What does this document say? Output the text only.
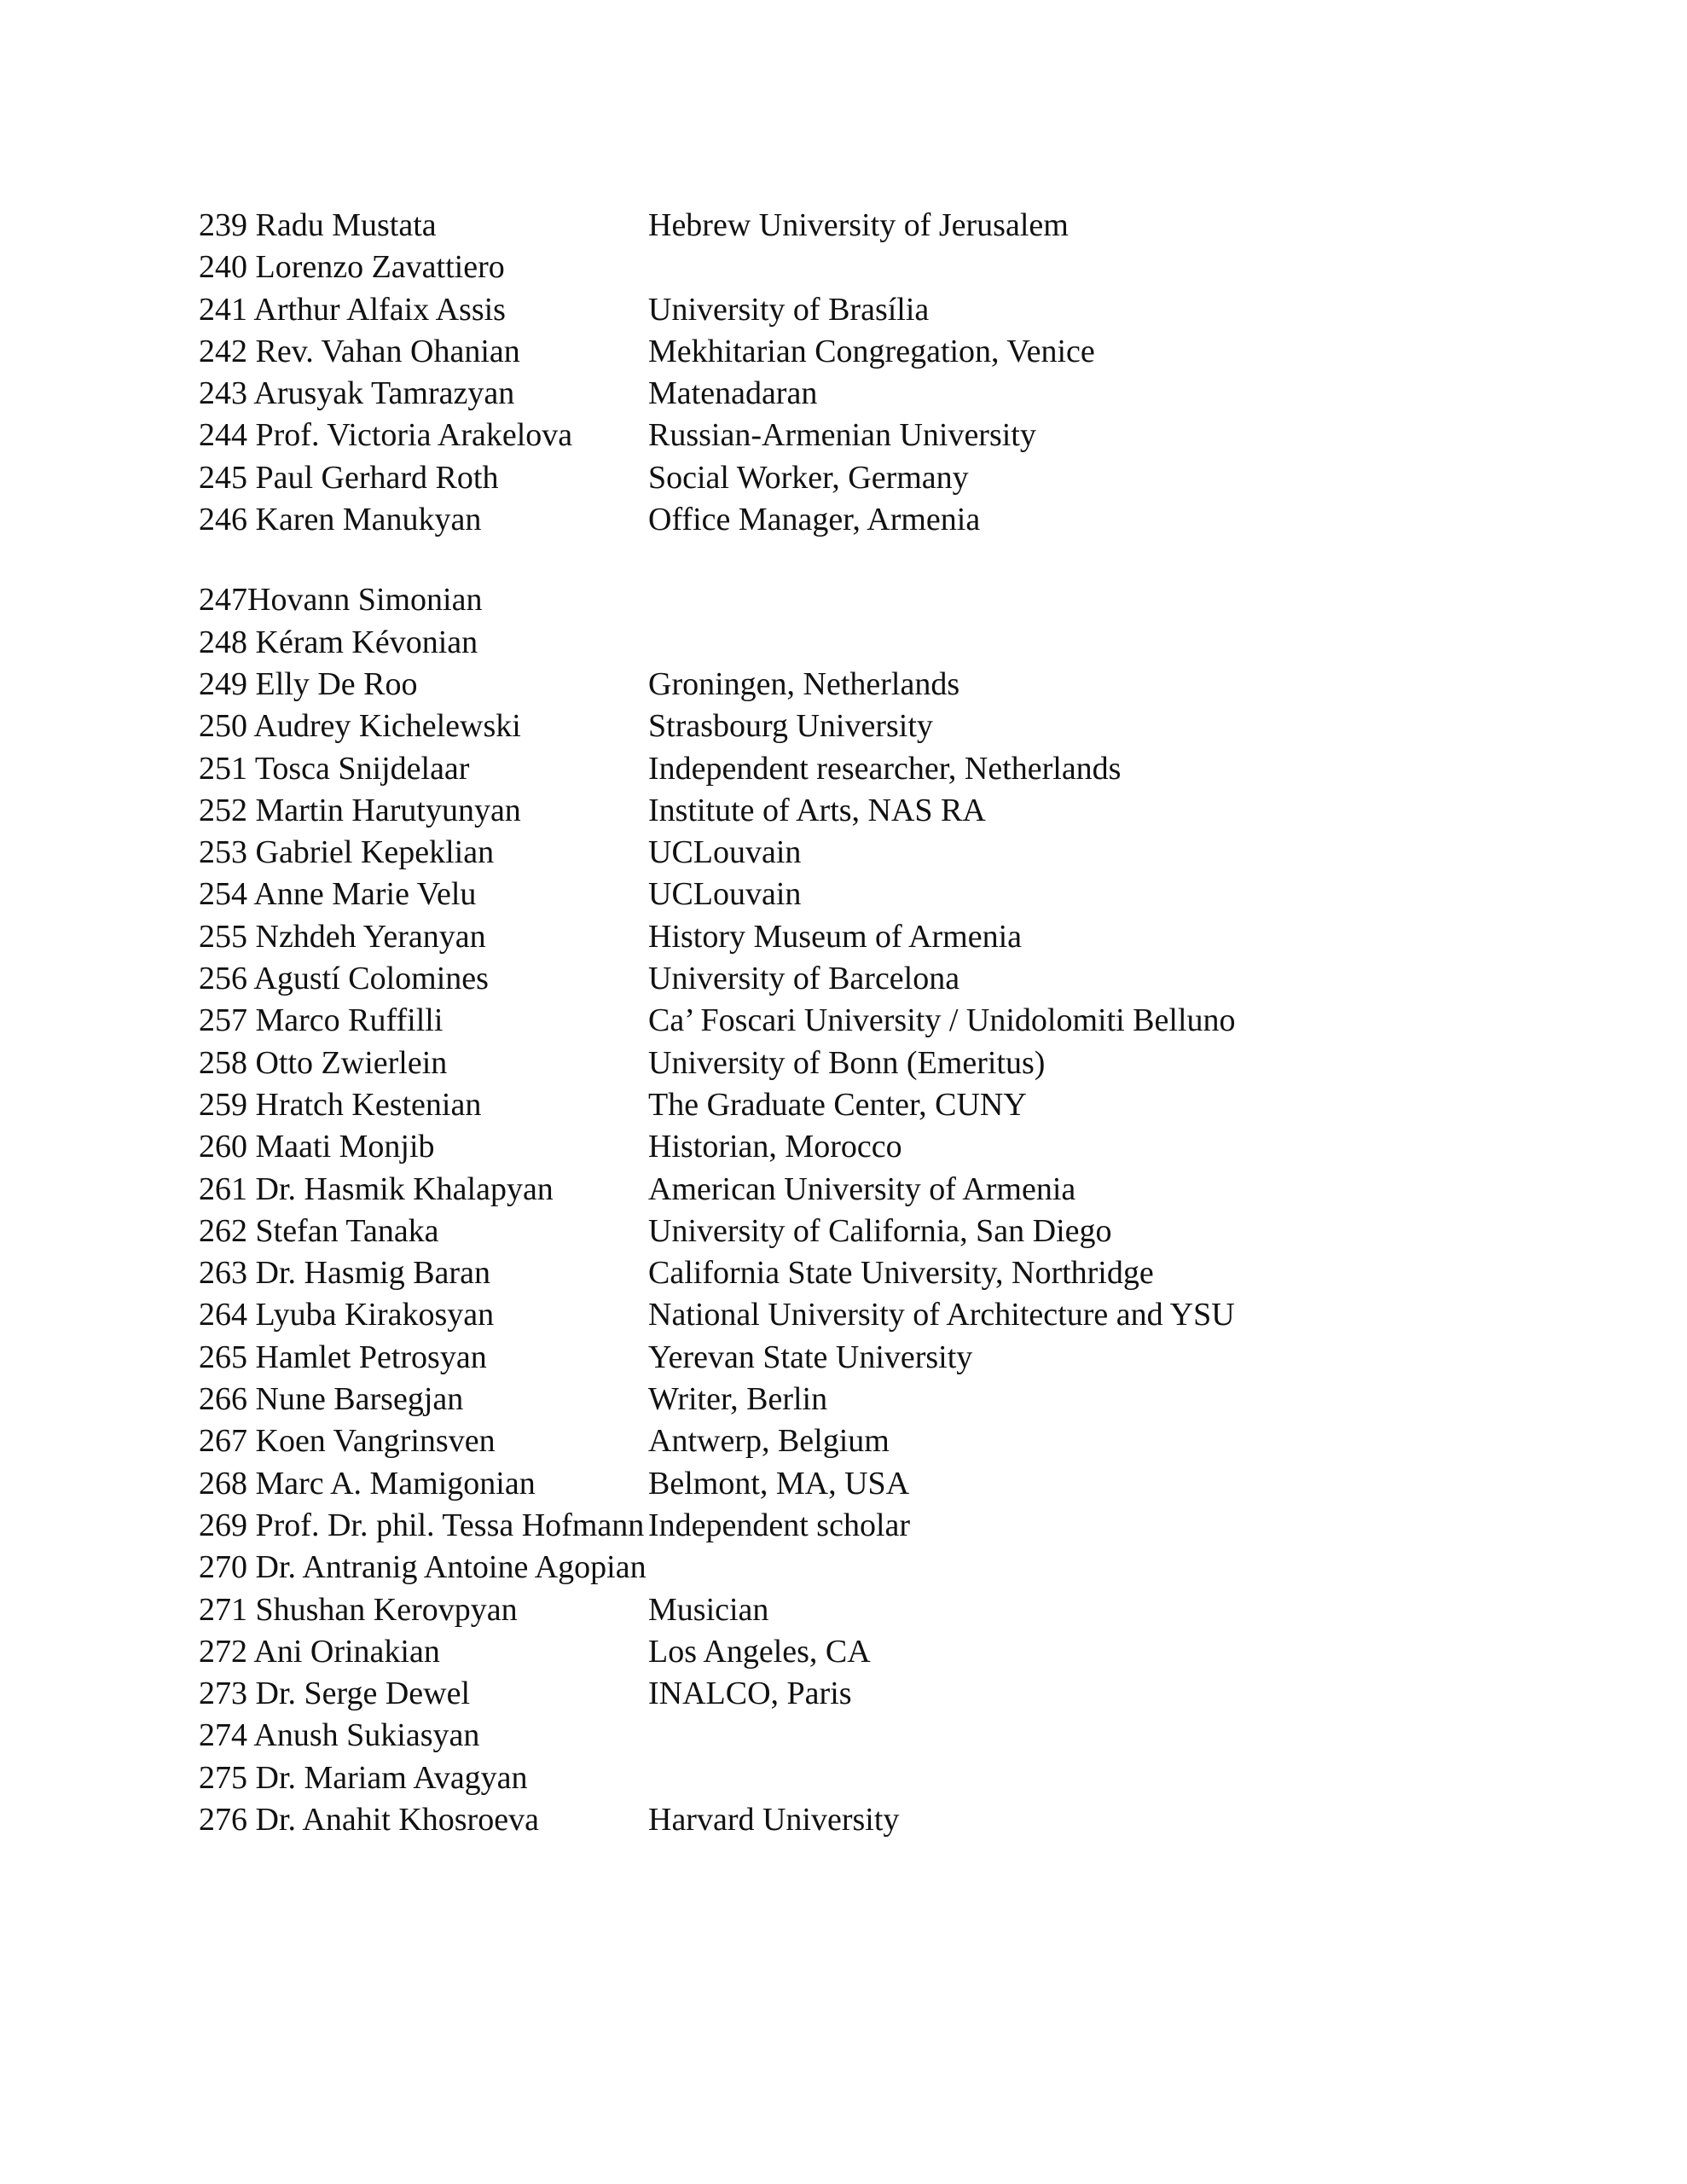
239 Radu Mustata	Hebrew University of Jerusalem
240 Lorenzo Zavattiero
241 Arthur Alfaix Assis	University of Brasília
242 Rev. Vahan Ohanian	Mekhitarian Congregation, Venice
243 Arusyak Tamrazyan	Matenadaran
244 Prof. Victoria Arakelova	Russian-Armenian University
245 Paul Gerhard Roth	Social Worker, Germany
246 Karen Manukyan	Office Manager, Armenia
247Hovann Simonian
248 Kéram Kévonian
249 Elly De Roo	Groningen, Netherlands
250 Audrey Kichelewski	Strasbourg University
251 Tosca Snijdelaar	Independent researcher, Netherlands
252 Martin Harutyunyan	Institute of Arts, NAS RA
253 Gabriel Kepeklian	UCLouvain
254 Anne Marie Velu	UCLouvain
255 Nzhdeh Yeranyan	History Museum of Armenia
256 Agustí Colomines	University of Barcelona
257 Marco Ruffilli	Ca’ Foscari University / Unidolomiti Belluno
258 Otto Zwierlein	University of Bonn (Emeritus)
259 Hratch Kestenian	The Graduate Center, CUNY
260 Maati Monjib	Historian, Morocco
261 Dr. Hasmik Khalapyan	American University of Armenia
262 Stefan Tanaka	University of California, San Diego
263 Dr. Hasmig Baran	California State University, Northridge
264 Lyuba Kirakosyan	National University of Architecture and YSU
265 Hamlet Petrosyan	Yerevan State University
266 Nune Barsegjan	Writer, Berlin
267 Koen Vangrinsven	Antwerp, Belgium
268 Marc A. Mamigonian	Belmont, MA, USA
269 Prof. Dr. phil. Tessa Hofmann Independent scholar
270 Dr. Antranig Antoine Agopian
271 Shushan Kerovpyan	Musician
272 Ani Orinakian	Los Angeles, CA
273 Dr. Serge Dewel	INALCO, Paris
274 Anush Sukiasyan
275 Dr. Mariam Avagyan
276 Dr. Anahit Khosroeva	Harvard University
